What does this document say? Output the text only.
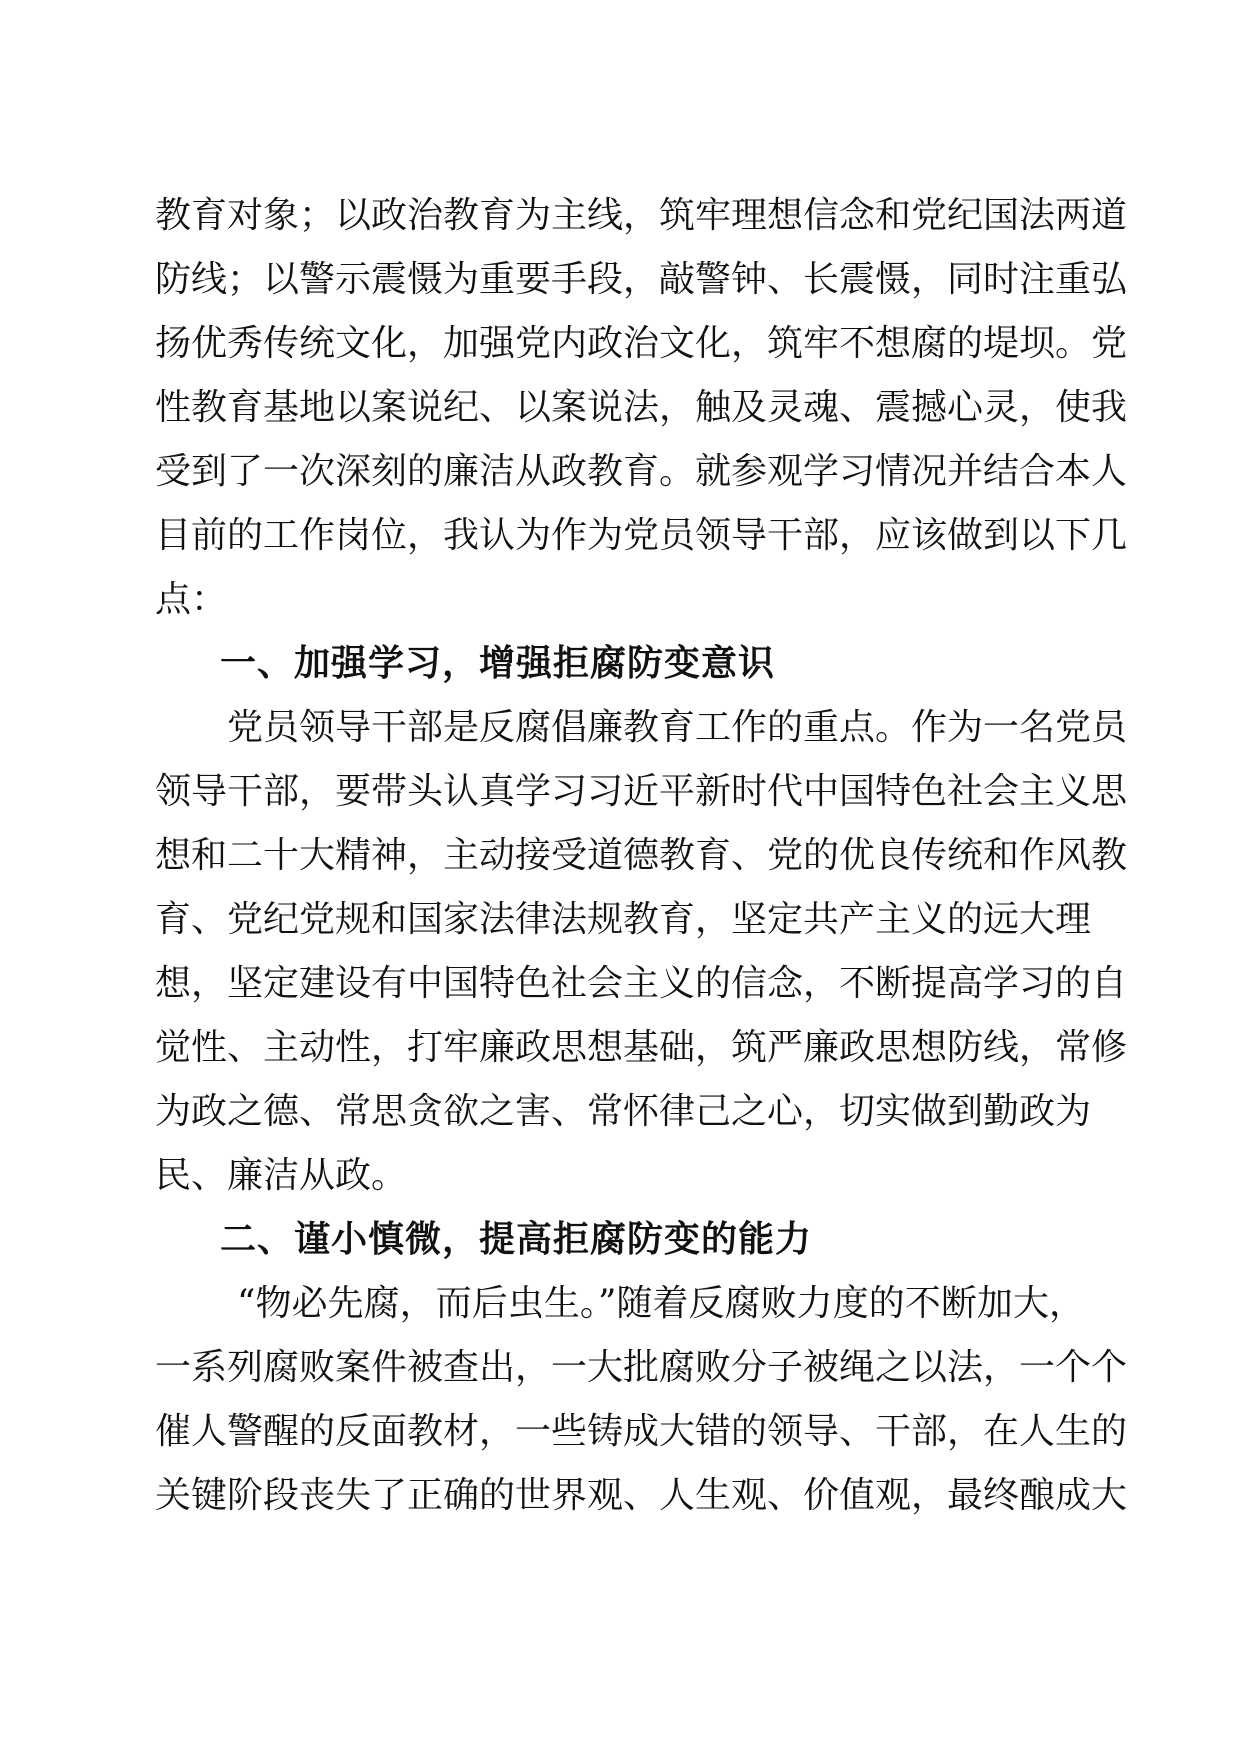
教育对象；以政治教育为主线，筑牢理想信念和党纪国法两道
防线；以警示震慑为重要手段，敲警钟、长震慑，同时注重弘
扬优秀传统文化，加强党内政治文化，筑牢不想腐的堤坝。党
性教育基地以案说纪、以案说法，触及灵魂、震撼心灵，使我
受到了一次深刻的廉洁从政教育。就参观学习情况并结合本人
目前的工作岗位，我认为作为党员领导干部，应该做到以下几
点：
一、加强学习，增强拒腐防变意识
党员领导干部是反腐倡廉教育工作的重点。作为一名党员
领导干部，要带头认真学习习近平新时代中国特色社会主义思
想和二十大精神，主动接受道德教育、党的优良传统和作风教
育、党纪党规和国家法律法规教育，坚定共产主义的远大理
想，坚定建设有中国特色社会主义的信念，不断提高学习的自
觉性、主动性，打牢廉政思想基础，筑严廉政思想防线，常修
为政之德、常思贪欲之害、常怀律己之心，切实做到勤政为
民、廉洁从政。
二、谨小慎微，提高拒腐防变的能力
“物必先腐，而后虫生。”随着反腐败力度的不断加大，
一系列腐败案件被查出，一大批腐败分子被绳之以法，一个个
催人警醒的反面教材，一些铸成大错的领导、干部，在人生的
关键阶段丧失了正确的世界观、人生观、价值观，最终酿成大
